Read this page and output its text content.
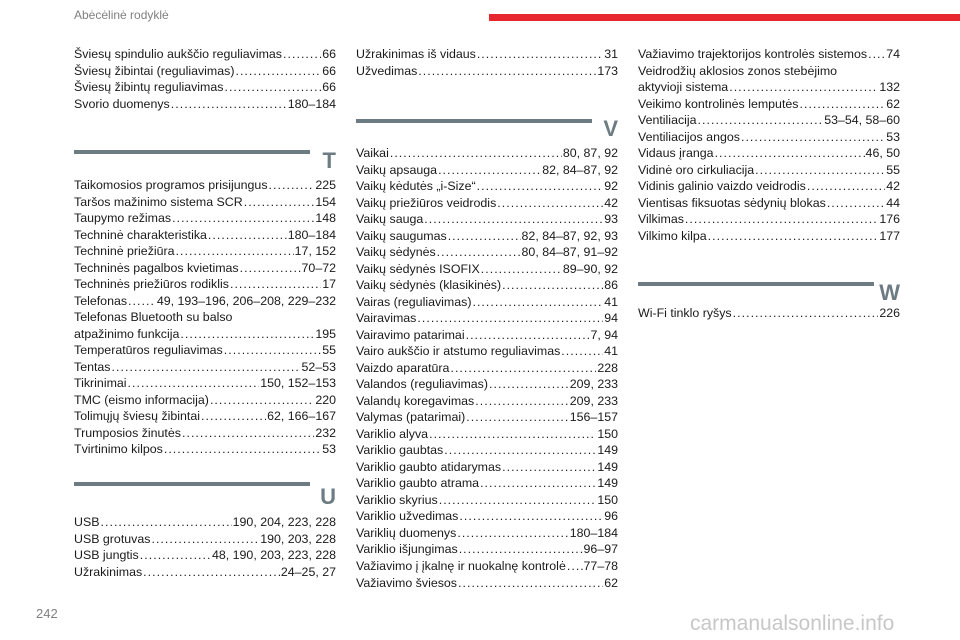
Abėcėlinė rodyklė
T
U
Šviesų spindulio aukščio reguliavimas . . .	66
Šviesų žibintai (reguliavimas) . . .	66
Šviesų žibintų reguliavimas . . .	66
Svorio duomenys . . .	180–184
Taikomosios programos prisijungus . . .	225
Taršos mažinimo sistema SCR . . .	154
Taupymo režimas . . .	148
Techninė charakteristika . . .	180–184
Techninė priežiūra . . .	17, 152
Techninės pagalbos kvietimas . . .	70–72
Techninės priežiūros rodiklis . . .	17
Telefonas . . . 49, 193–196, 206–208, 229–232
Telefonas Bluetooth su balso
atpažinimo funkcija . . .	195
Temperatūros reguliavimas . . .	55
Tentas . . .	52–53
Tikrinimai . . .	150, 152–153
TMC (eismo informacija) . . .	220
Tolimųjų šviesų žibintai . . .	62, 166–167
Trumposios žinutės . . .	232
Tvirtinimo kilpos . . .	53
USB . . .	190, 204, 223, 228
USB grotuvas . . .	190, 203, 228
USB jungtis . . .	48, 190, 203, 223, 228
Užrakinimas . . .	24–25, 27
V
Užrakinimas iš vidaus . . .	31
Užvedimas . . .	173
Vaikai . . .	80, 87, 92
Vaikų apsauga . . .	82, 84–87, 92
Vaikų kėdutės „i-Size“ . . .	92
Vaikų priežiūros veidrodis . . .	42
Vaikų sauga . . .	93
Vaikų saugumas . . .	82, 84–87, 92, 93
Vaikų sėdynės . . .	80, 84–87, 91–92
Vaikų sėdynės ISOFIX . . .	89–90, 92
Vaikų sėdynės (klasikinės) . . .	86
Vairas (reguliavimas) . . .	41
Vairavimas . . .	94
Vairavimo patarimai . . .	7, 94
Vairo aukščio ir atstumo reguliavimas . . .	41
Vaizdo aparatūra . . .	228
Valandos (reguliavimas) . . .	209, 233
Valandų koregavimas . . .	209, 233
Valymas (patarimai) . . .	156–157
Variklio alyva . . .	150
Variklio gaubtas . . .	149
Variklio gaubto atidarymas . . .	149
Variklio gaubto atrama . . .	149
Variklio skyrius . . .	150
Variklio užvedimas . . .	96
Variklių duomenys . . .	180–184
Variklio išjungimas . . .	96–97
Važiavimo į įkalnę ir nuokalnę kontrolė . . . 77–78
Važiavimo šviesos . . .	62
W
Važiavimo trajektorijos kontrolės sistemos . . . 74
Veidrodžių aklosios zonos stebėjimo
aktyvioji sistema . . .	132
Veikimo kontrolinės lemputės . . .	62
Ventiliacija . . .	53–54, 58–60
Ventiliacijos angos . . .	53
Vidaus įranga . . .	46, 50
Vidinė oro cirkuliacija . . .	55
Vidinis galinio vaizdo veidrodis . . .	42
Vientisas fiksuotas sėdynių blokas . . .	44
Vilkimas . . .	176
Vilkimo kilpa . . .	177
Wi-Fi tinklo ryšys . . .	226
242	carmanualsonline.info
